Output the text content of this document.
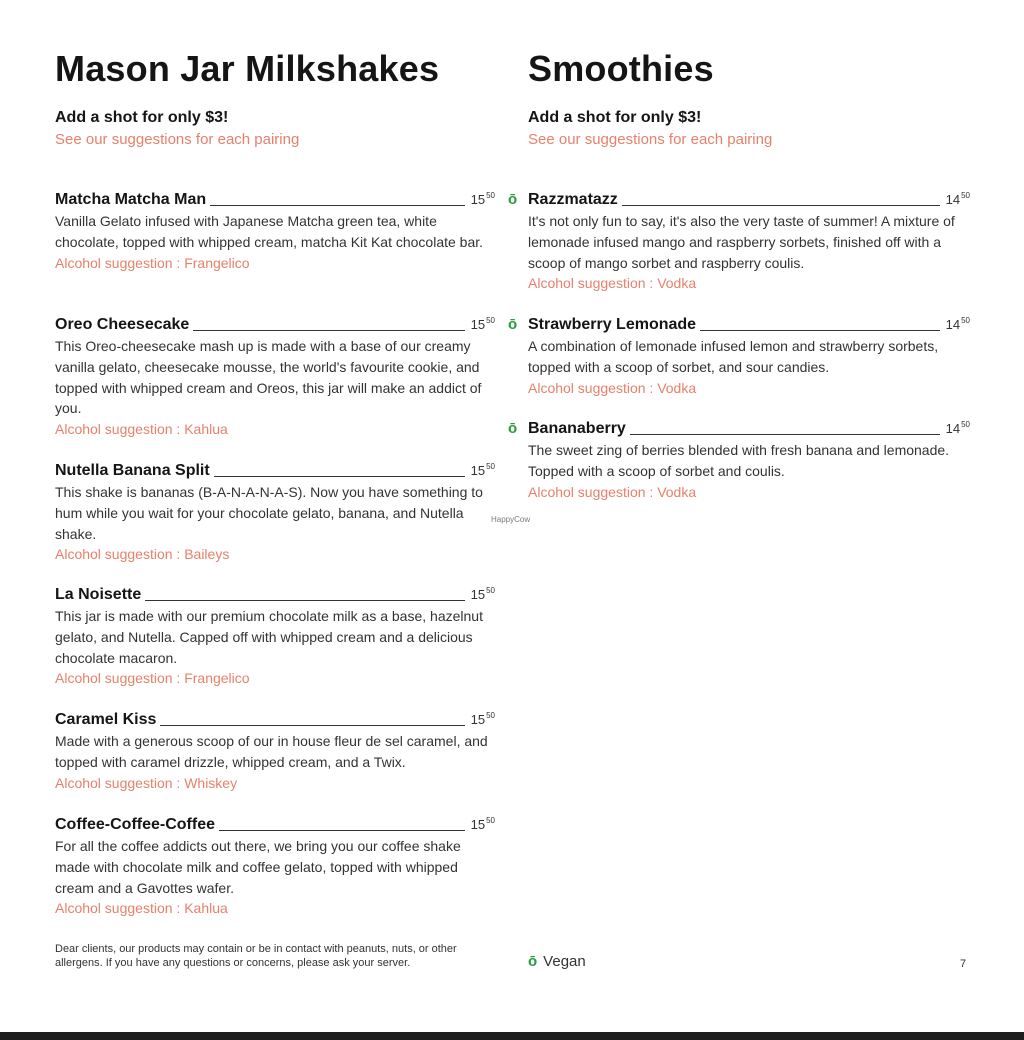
Mason Jar Milkshakes
Add a shot for only $3!
See our suggestions for each pairing
Matcha Matcha Man	$15^{50}$
Vanilla Gelato infused with Japanese Matcha green tea, white chocolate, topped with whipped cream, matcha Kit Kat chocolate bar.
Alcohol suggestion : Frangelico
Oreo Cheesecake	$15^{50}$
This Oreo-cheesecake mash up is made with a base of our creamy vanilla gelato, cheesecake mousse, the world's favourite cookie, and topped with whipped cream and Oreos, this jar will make an addict of you.
Alcohol suggestion : Kahlua
Nutella Banana Split	$15^{50}$
This shake is bananas (B-A-N-A-N-A-S). Now you have something to hum while you wait for your chocolate gelato, banana, and Nutella shake.
Alcohol suggestion : Baileys
La Noisette	$15^{50}$
This jar is made with our premium chocolate milk as a base, hazelnut gelato, and Nutella. Capped off with whipped cream and a delicious chocolate macaron.
Alcohol suggestion : Frangelico
Caramel Kiss	$15^{50}$
Made with a generous scoop of our in house fleur de sel caramel, and topped with caramel drizzle, whipped cream, and a Twix.
Alcohol suggestion : Whiskey
Coffee-Coffee-Coffee	$15^{50}$
For all the coffee addicts out there, we bring you our coffee shake made with chocolate milk and coffee gelato, topped with whipped cream and a Gavottes wafer.
Alcohol suggestion : Kahlua
Smoothies
Add a shot for only $3!
See our suggestions for each pairing
ō Razzmatazz	$14^{50}$
It's not only fun to say, it's also the very taste of summer! A mixture of lemonade infused mango and raspberry sorbets, finished off with a scoop of mango sorbet and raspberry coulis.
Alcohol suggestion : Vodka
ō Strawberry Lemonade	$14^{50}$
A combination of lemonade infused lemon and strawberry sorbets, topped with a scoop of sorbet, and sour candies.
Alcohol suggestion : Vodka
ō Bananaberry	$14^{50}$
The sweet zing of berries blended with fresh banana and lemonade. Topped with a scoop of sorbet and coulis.
Alcohol suggestion : Vodka
HappyCow
Dear clients, our products may contain or be in contact with peanuts, nuts, or other allergens. If you have any questions or concerns, please ask your server.	ō Vegan	7
